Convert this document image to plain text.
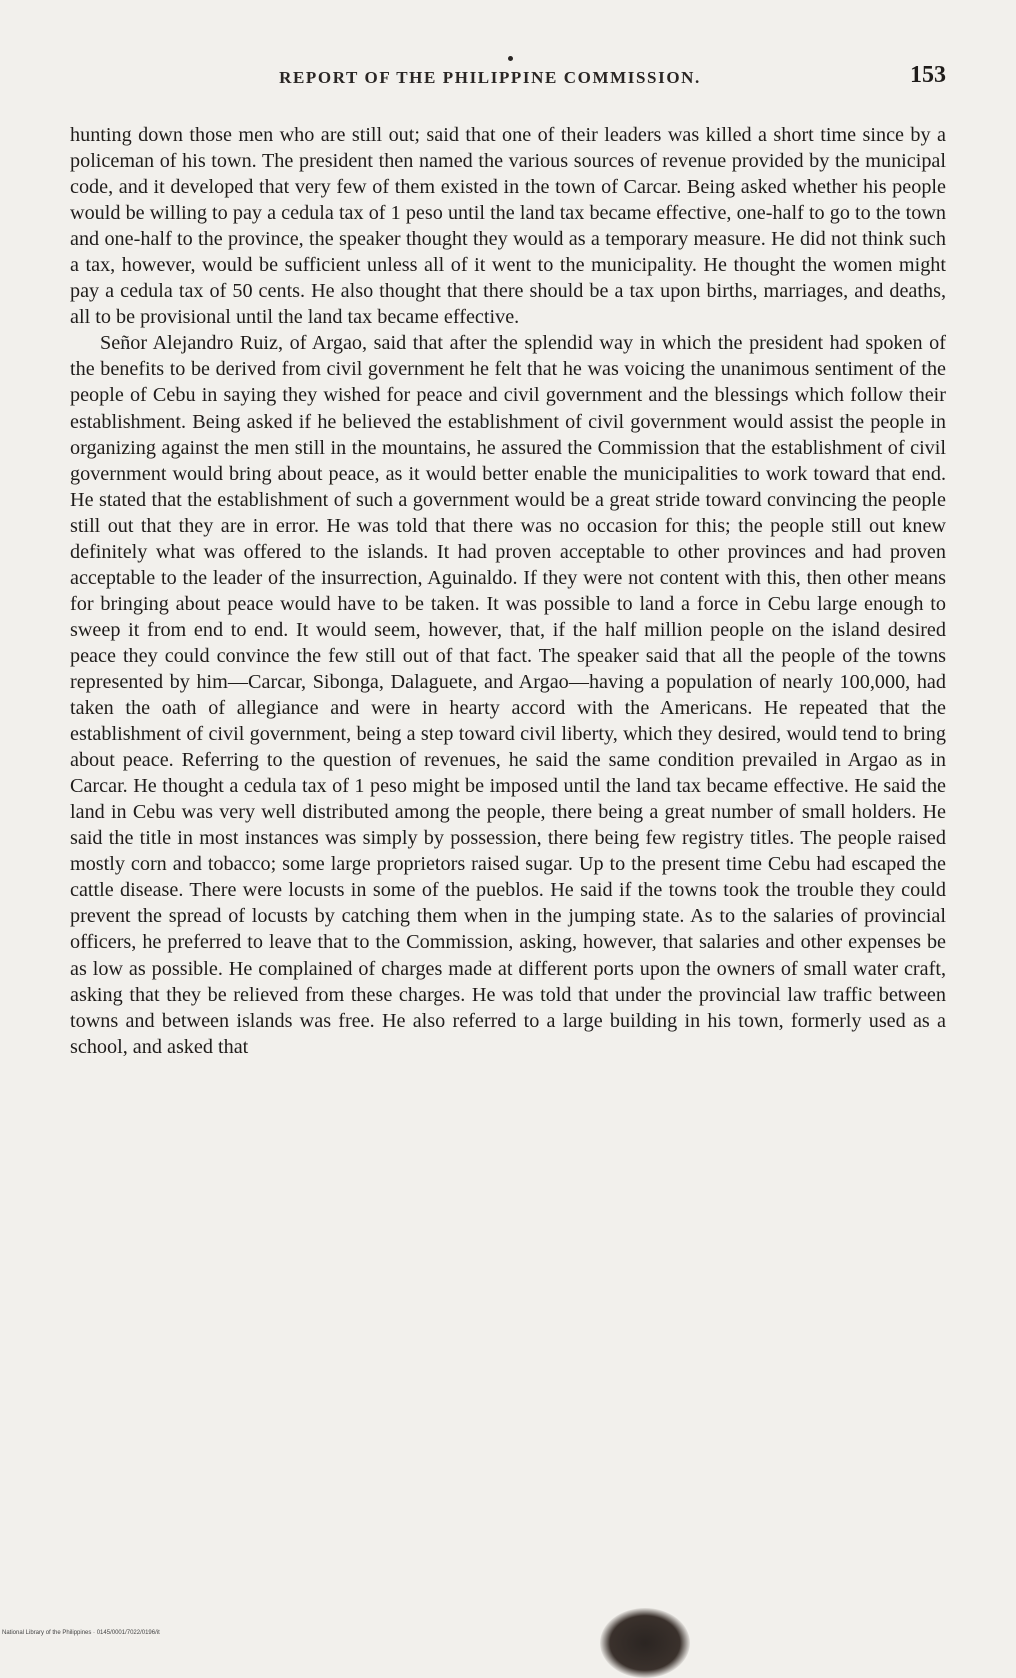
REPORT OF THE PHILIPPINE COMMISSION.	153

hunting down those men who are still out; said that one of their leaders was killed a short time since by a policeman of his town. The president then named the various sources of revenue provided by the municipal code, and it developed that very few of them existed in the town of Carcar. Being asked whether his people would be willing to pay a cedula tax of 1 peso until the land tax became effective, one-half to go to the town and one-half to the province, the speaker thought they would as a temporary measure. He did not think such a tax, however, would be sufficient unless all of it went to the municipality. He thought the women might pay a cedula tax of 50 cents. He also thought that there should be a tax upon births, marriages, and deaths, all to be provisional until the land tax became effective.

Señor Alejandro Ruiz, of Argao, said that after the splendid way in which the president had spoken of the benefits to be derived from civil government he felt that he was voicing the unanimous sentiment of the people of Cebu in saying they wished for peace and civil government and the blessings which follow their establishment. Being asked if he believed the establishment of civil government would assist the people in organizing against the men still in the mountains, he assured the Commission that the establishment of civil government would bring about peace, as it would better enable the municipalities to work toward that end. He stated that the establishment of such a government would be a great stride toward convincing the people still out that they are in error. He was told that there was no occasion for this; the people still out knew definitely what was offered to the islands. It had proven acceptable to other provinces and had proven acceptable to the leader of the insurrection, Aguinaldo. If they were not content with this, then other means for bringing about peace would have to be taken. It was possible to land a force in Cebu large enough to sweep it from end to end. It would seem, however, that, if the half million people on the island desired peace they could convince the few still out of that fact. The speaker said that all the people of the towns represented by him—Carcar, Sibonga, Dalaguete, and Argao—having a population of nearly 100,000, had taken the oath of allegiance and were in hearty accord with the Americans. He repeated that the establishment of civil government, being a step toward civil liberty, which they desired, would tend to bring about peace. Referring to the question of revenues, he said the same condition prevailed in Argao as in Carcar. He thought a cedula tax of 1 peso might be imposed until the land tax became effective. He said the land in Cebu was very well distributed among the people, there being a great number of small holders. He said the title in most instances was simply by possession, there being few registry titles. The people raised mostly corn and tobacco; some large proprietors raised sugar. Up to the present time Cebu had escaped the cattle disease. There were locusts in some of the pueblos. He said if the towns took the trouble they could prevent the spread of locusts by catching them when in the jumping state. As to the salaries of provincial officers, he preferred to leave that to the Commission, asking, however, that salaries and other expenses be as low as possible. He complained of charges made at different ports upon the owners of small water craft, asking that they be relieved from these charges. He was told that under the provincial law traffic between towns and between islands was free. He also referred to a large building in his town, formerly used as a school, and asked that

National Library of the Philippines · 0145/0001/7022/0196/it
